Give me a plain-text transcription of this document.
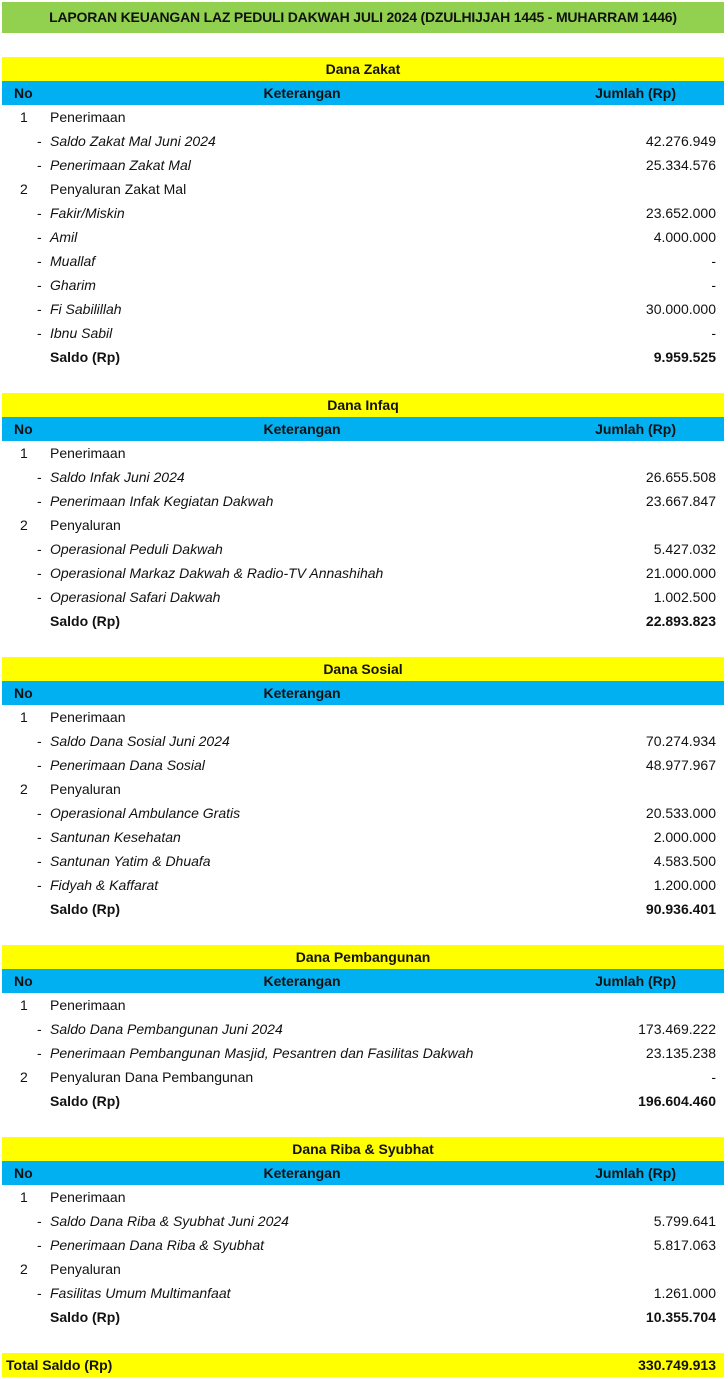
LAPORAN KEUANGAN LAZ PEDULI DAKWAH JULI 2024 (DZULHIJJAH 1445 - MUHARRAM 1446)
Dana Zakat
No	Keterangan	Jumlah (Rp)
1 Penerimaan
- Saldo Zakat Mal Juni 2024	42.276.949
- Penerimaan Zakat Mal	25.334.576
2 Penyaluran Zakat Mal
- Fakir/Miskin	23.652.000
- Amil	4.000.000
- Muallaf	-
- Gharim	-
- Fi Sabilillah	30.000.000
- Ibnu Sabil	-
Saldo (Rp)	9.959.525
Dana Infaq
No	Keterangan	Jumlah (Rp)
1 Penerimaan
- Saldo Infak Juni 2024	26.655.508
- Penerimaan Infak Kegiatan Dakwah	23.667.847
2 Penyaluran
- Operasional Peduli Dakwah	5.427.032
- Operasional Markaz Dakwah & Radio-TV Annashihah	21.000.000
- Operasional Safari Dakwah	1.002.500
Saldo (Rp)	22.893.823
Dana Sosial
No	Keterangan
1 Penerimaan
- Saldo Dana Sosial Juni 2024	70.274.934
- Penerimaan Dana Sosial	48.977.967
2 Penyaluran
- Operasional Ambulance Gratis	20.533.000
- Santunan Kesehatan	2.000.000
- Santunan Yatim & Dhuafa	4.583.500
- Fidyah & Kaffarat	1.200.000
Saldo (Rp)	90.936.401
Dana Pembangunan
No	Keterangan	Jumlah (Rp)
1 Penerimaan
- Saldo Dana Pembangunan Juni 2024	173.469.222
- Penerimaan Pembangunan Masjid, Pesantren dan Fasilitas Dakwah	23.135.238
2 Penyaluran Dana Pembangunan	-
Saldo (Rp)	196.604.460
Dana Riba & Syubhat
No	Keterangan	Jumlah (Rp)
1 Penerimaan
- Saldo Dana Riba & Syubhat Juni 2024	5.799.641
- Penerimaan Dana Riba & Syubhat	5.817.063
2 Penyaluran
- Fasilitas Umum Multimanfaat	1.261.000
Saldo (Rp)	10.355.704
Total Saldo (Rp)	330.749.913
